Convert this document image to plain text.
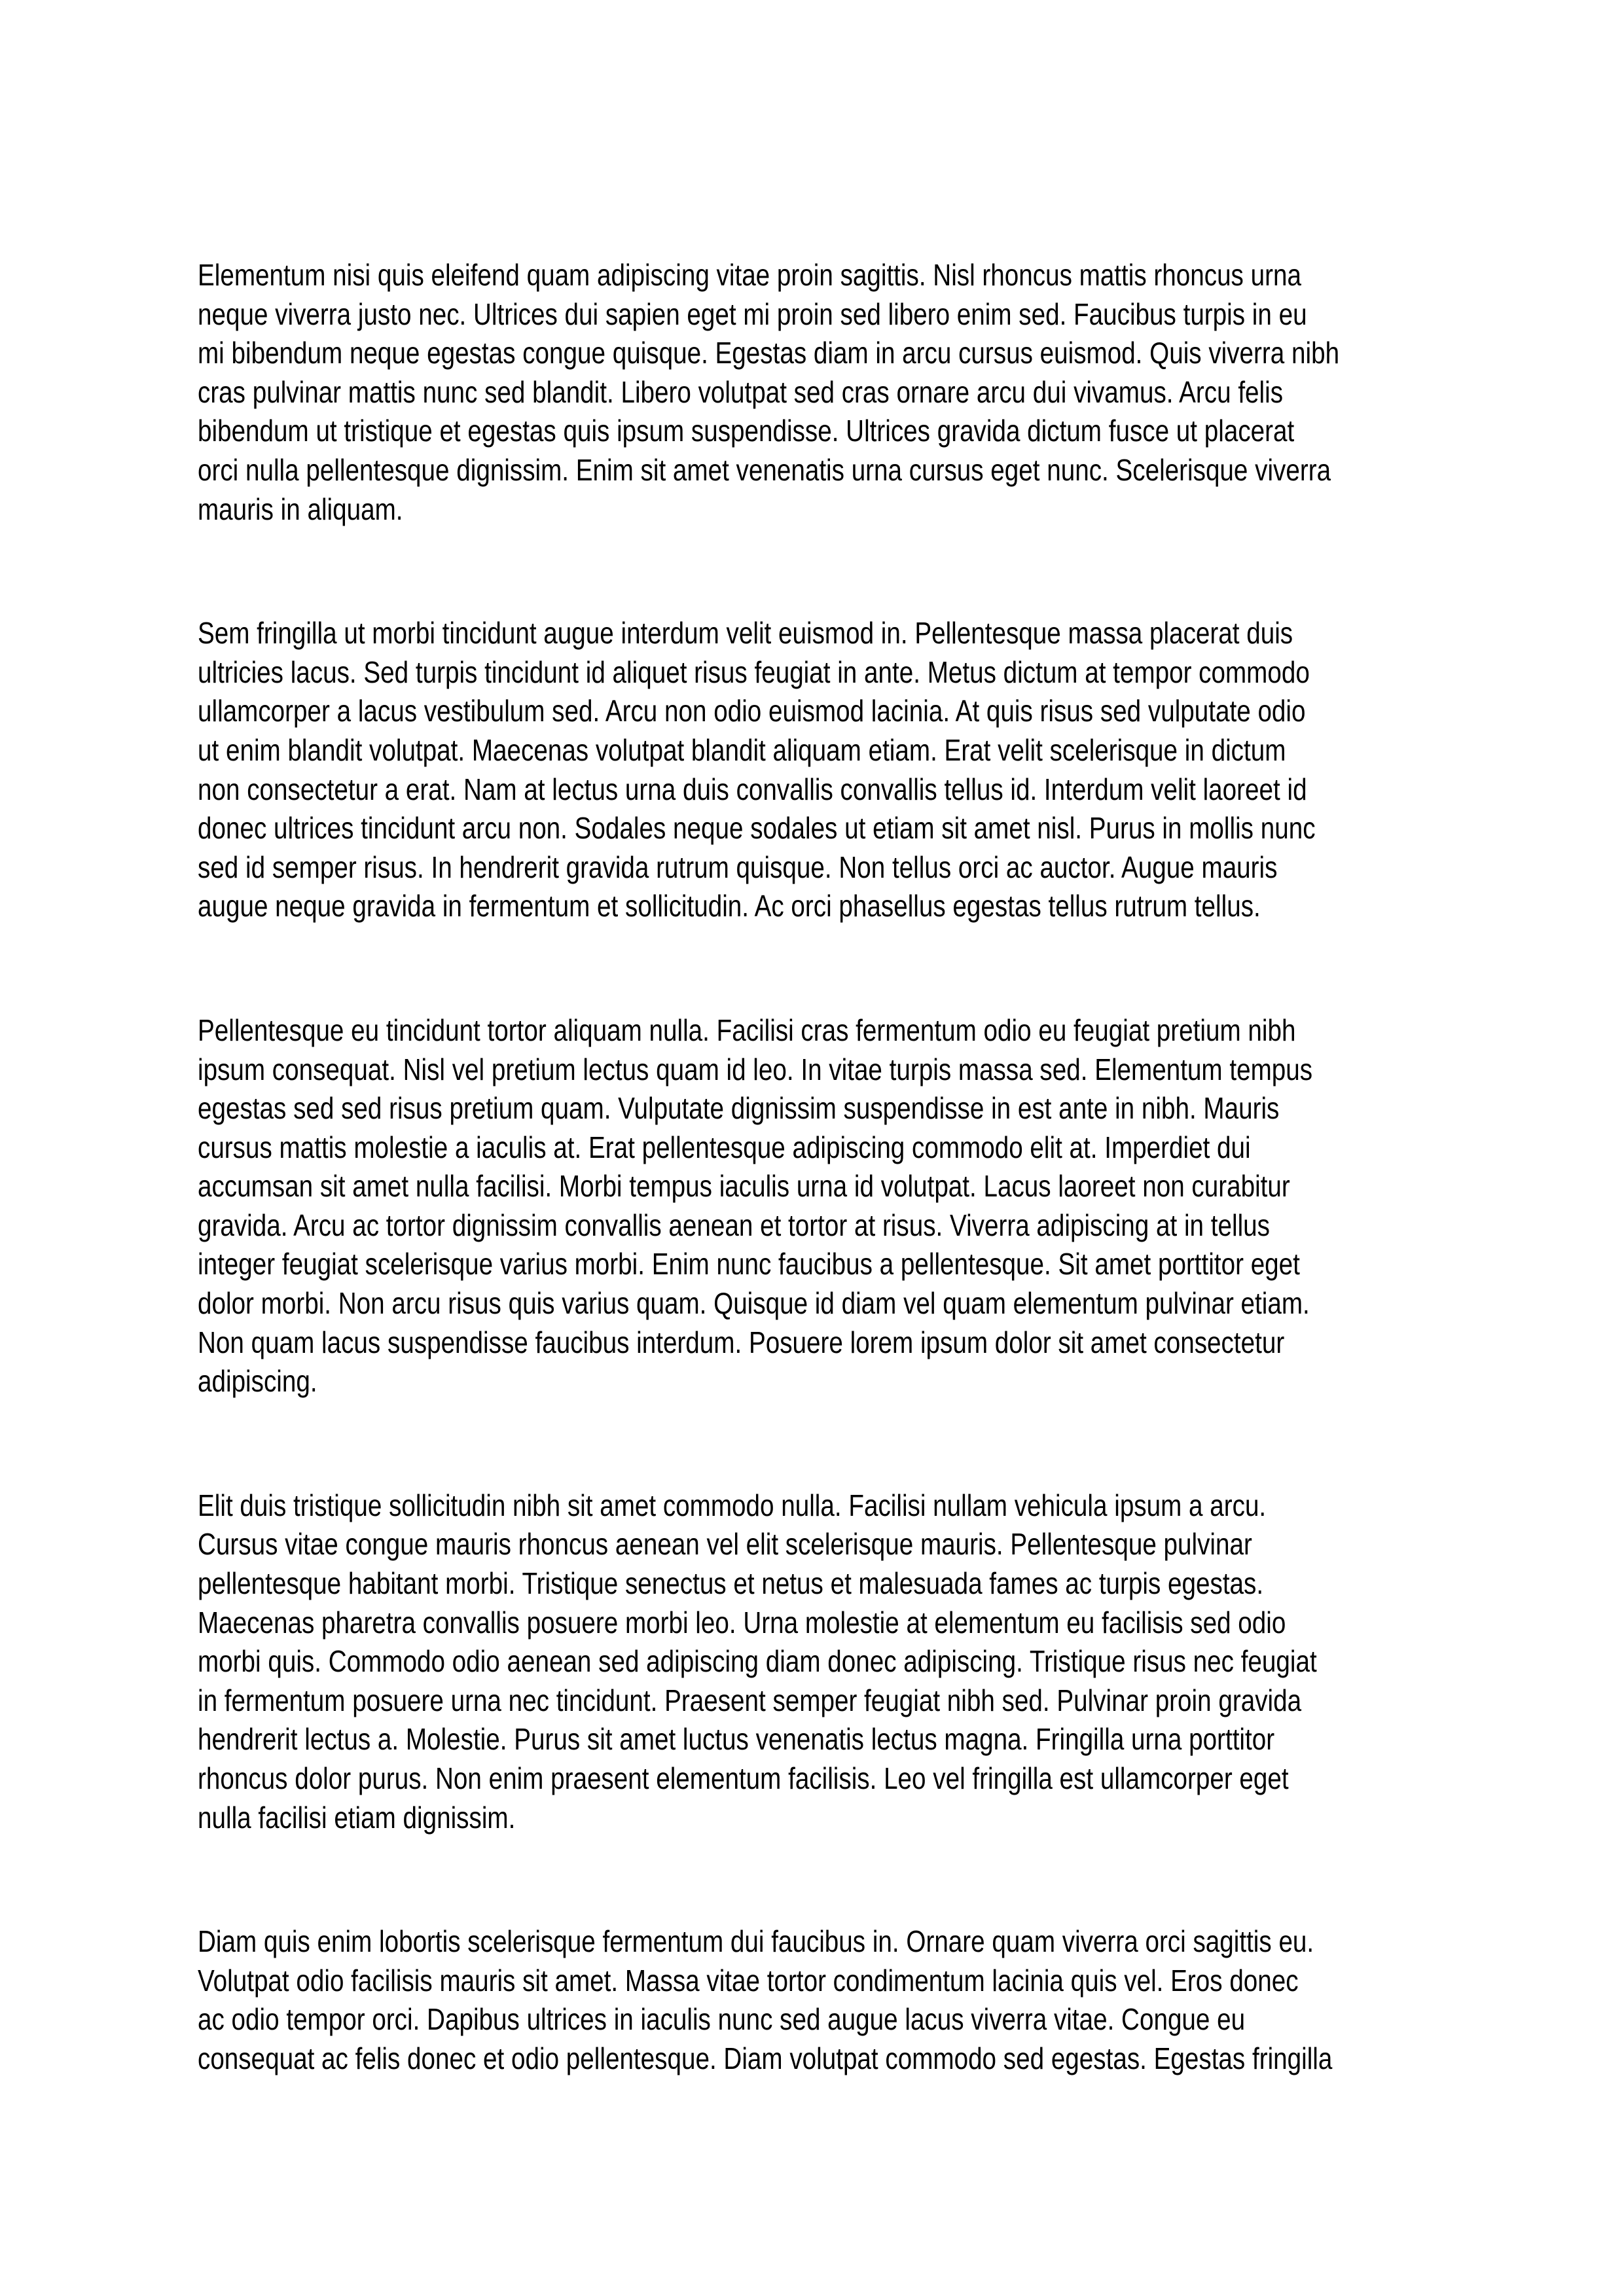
Elementum nisi quis eleifend quam adipiscing vitae proin sagittis. Nisl rhoncus mattis rhoncus urna
neque viverra justo nec. Ultrices dui sapien eget mi proin sed libero enim sed. Faucibus turpis in eu
mi bibendum neque egestas congue quisque. Egestas diam in arcu cursus euismod. Quis viverra nibh
cras pulvinar mattis nunc sed blandit. Libero volutpat sed cras ornare arcu dui vivamus. Arcu felis
bibendum ut tristique et egestas quis ipsum suspendisse. Ultrices gravida dictum fusce ut placerat
orci nulla pellentesque dignissim. Enim sit amet venenatis urna cursus eget nunc. Scelerisque viverra
mauris in aliquam.

Sem fringilla ut morbi tincidunt augue interdum velit euismod in. Pellentesque massa placerat duis
ultricies lacus. Sed turpis tincidunt id aliquet risus feugiat in ante. Metus dictum at tempor commodo
ullamcorper a lacus vestibulum sed. Arcu non odio euismod lacinia. At quis risus sed vulputate odio
ut enim blandit volutpat. Maecenas volutpat blandit aliquam etiam. Erat velit scelerisque in dictum
non consectetur a erat. Nam at lectus urna duis convallis convallis tellus id. Interdum velit laoreet id
donec ultrices tincidunt arcu non. Sodales neque sodales ut etiam sit amet nisl. Purus in mollis nunc
sed id semper risus. In hendrerit gravida rutrum quisque. Non tellus orci ac auctor. Augue mauris
augue neque gravida in fermentum et sollicitudin. Ac orci phasellus egestas tellus rutrum tellus.

Pellentesque eu tincidunt tortor aliquam nulla. Facilisi cras fermentum odio eu feugiat pretium nibh
ipsum consequat. Nisl vel pretium lectus quam id leo. In vitae turpis massa sed. Elementum tempus
egestas sed sed risus pretium quam. Vulputate dignissim suspendisse in est ante in nibh. Mauris
cursus mattis molestie a iaculis at. Erat pellentesque adipiscing commodo elit at. Imperdiet dui
accumsan sit amet nulla facilisi. Morbi tempus iaculis urna id volutpat. Lacus laoreet non curabitur
gravida. Arcu ac tortor dignissim convallis aenean et tortor at risus. Viverra adipiscing at in tellus
integer feugiat scelerisque varius morbi. Enim nunc faucibus a pellentesque. Sit amet porttitor eget
dolor morbi. Non arcu risus quis varius quam. Quisque id diam vel quam elementum pulvinar etiam.
Non quam lacus suspendisse faucibus interdum. Posuere lorem ipsum dolor sit amet consectetur
adipiscing.

Elit duis tristique sollicitudin nibh sit amet commodo nulla. Facilisi nullam vehicula ipsum a arcu.
Cursus vitae congue mauris rhoncus aenean vel elit scelerisque mauris. Pellentesque pulvinar
pellentesque habitant morbi. Tristique senectus et netus et malesuada fames ac turpis egestas.
Maecenas pharetra convallis posuere morbi leo. Urna molestie at elementum eu facilisis sed odio
morbi quis. Commodo odio aenean sed adipiscing diam donec adipiscing. Tristique risus nec feugiat
in fermentum posuere urna nec tincidunt. Praesent semper feugiat nibh sed. Pulvinar proin gravida
hendrerit lectus a. Molestie. Purus sit amet luctus venenatis lectus magna. Fringilla urna porttitor
rhoncus dolor purus. Non enim praesent elementum facilisis. Leo vel fringilla est ullamcorper eget
nulla facilisi etiam dignissim.

Diam quis enim lobortis scelerisque fermentum dui faucibus in. Ornare quam viverra orci sagittis eu.
Volutpat odio facilisis mauris sit amet. Massa vitae tortor condimentum lacinia quis vel. Eros donec
ac odio tempor orci. Dapibus ultrices in iaculis nunc sed augue lacus viverra vitae. Congue eu
consequat ac felis donec et odio pellentesque. Diam volutpat commodo sed egestas. Egestas fringilla
